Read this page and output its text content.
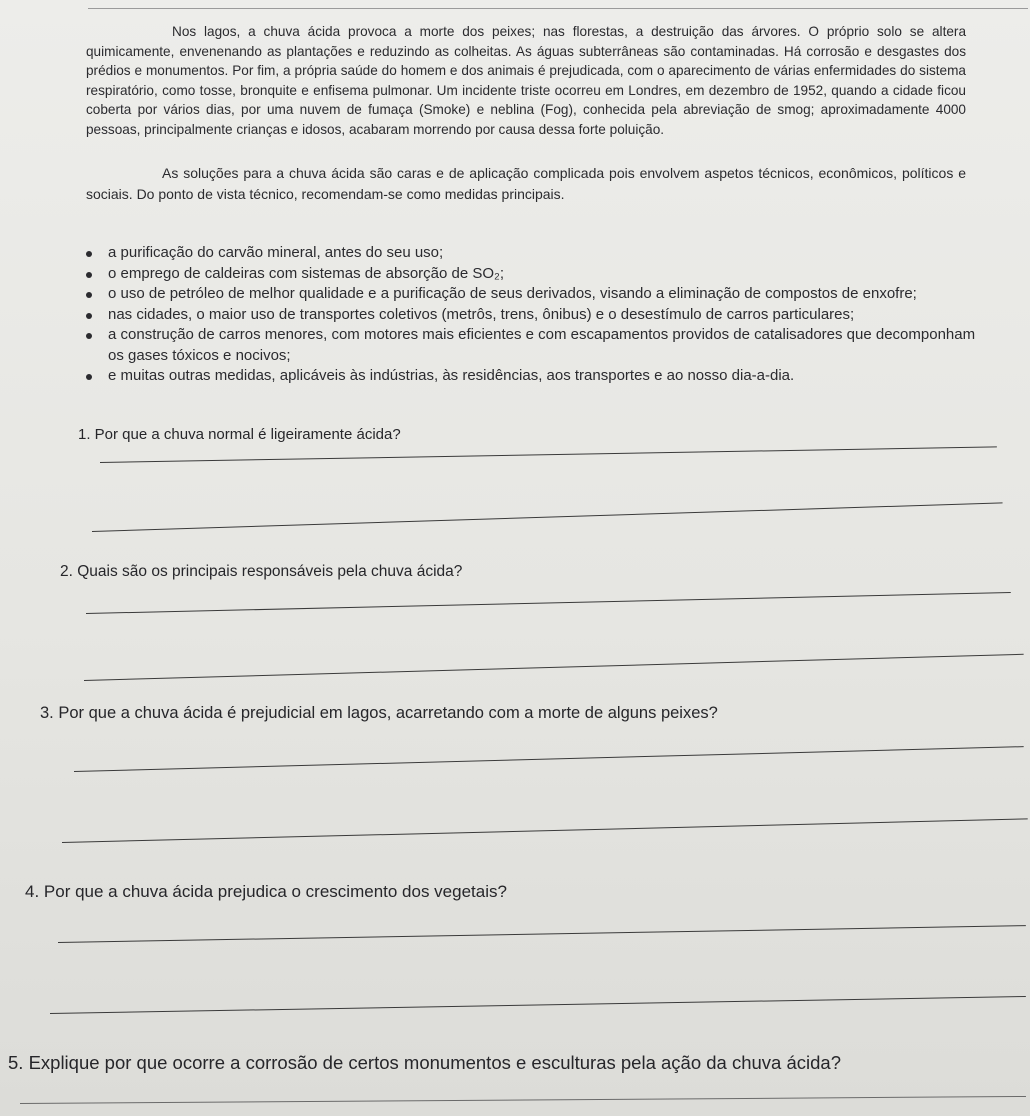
Nos lagos, a chuva ácida provoca a morte dos peixes; nas florestas, a destruição das árvores. O próprio solo se altera quimicamente, envenenando as plantações e reduzindo as colheitas. As águas subterrâneas são contaminadas. Há corrosão e desgastes dos prédios e monumentos. Por fim, a própria saúde do homem e dos animais é prejudicada, com o aparecimento de várias enfermidades do sistema respiratório, como tosse, bronquite e enfisema pulmonar. Um incidente triste ocorreu em Londres, em dezembro de 1952, quando a cidade ficou coberta por vários dias, por uma nuvem de fumaça (Smoke) e neblina (Fog), conhecida pela abreviação de smog; aproximadamente 4000 pessoas, principalmente crianças e idosos, acabaram morrendo por causa dessa forte poluição.

As soluções para a chuva ácida são caras e de aplicação complicada pois envolvem aspetos técnicos, econômicos, políticos e sociais. Do ponto de vista técnico, recomendam-se como medidas principais.

a purificação do carvão mineral, antes do seu uso;
o emprego de caldeiras com sistemas de absorção de SO₂;
o uso de petróleo de melhor qualidade e a purificação de seus derivados, visando a eliminação de compostos de enxofre;
nas cidades, o maior uso de transportes coletivos (metrôs, trens, ônibus) e o desestímulo de carros particulares;
a construção de carros menores, com motores mais eficientes e com escapamentos providos de catalisadores que decomponham os gases tóxicos e nocivos;
e muitas outras medidas, aplicáveis às indústrias, às residências, aos transportes e ao nosso dia-a-dia.

1. Por que a chuva normal é ligeiramente ácida?

2. Quais são os principais responsáveis pela chuva ácida?

3. Por que a chuva ácida é prejudicial em lagos, acarretando com a morte de alguns peixes?

4. Por que a chuva ácida prejudica o crescimento dos vegetais?

5. Explique por que ocorre a corrosão de certos monumentos e esculturas pela ação da chuva ácida?
